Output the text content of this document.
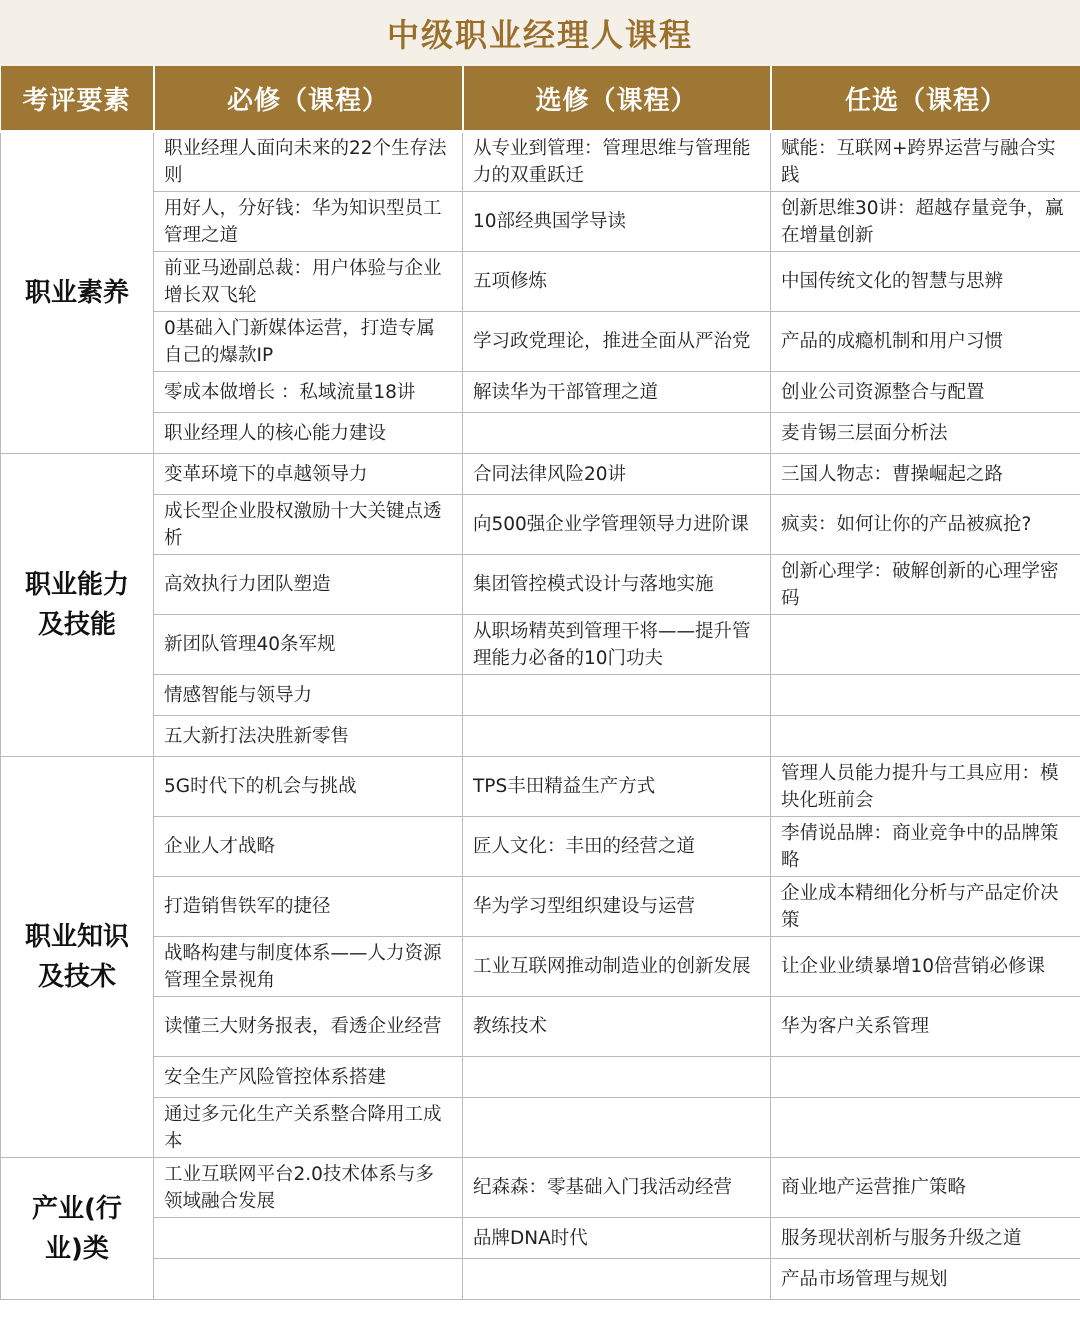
中级职业经理人课程
考评要素	必修（课程）	选修（课程）	任选（课程）
职业素养	职业经理人面向未来的22个生存法则	从专业到管理：管理思维与管理能力的双重跃迁	赋能：互联网+跨界运营与融合实践
	用好人，分好钱：华为知识型员工管理之道	10部经典国学导读	创新思维30讲：超越存量竞争，赢在增量创新
	前亚马逊副总裁：用户体验与企业增长双飞轮	五项修炼	中国传统文化的智慧与思辨
	0基础入门新媒体运营，打造专属自己的爆款IP	学习政党理论，推进全面从严治党	产品的成瘾机制和用户习惯
	零成本做增长 ：私域流量18讲	解读华为干部管理之道	创业公司资源整合与配置
	职业经理人的核心能力建设		麦肯锡三层面分析法
职业能力及技能	变革环境下的卓越领导力	合同法律风险20讲	三国人物志：曹操崛起之路
	成长型企业股权激励十大关键点透析	向500强企业学管理领导力进阶课	疯卖：如何让你的产品被疯抢?
	高效执行力团队塑造	集团管控模式设计与落地实施	创新心理学：破解创新的心理学密码
	新团队管理40条军规	从职场精英到管理干将——提升管理能力必备的10门功夫	
	情感智能与领导力		
	五大新打法决胜新零售		
职业知识及技术	5G时代下的机会与挑战	TPS丰田精益生产方式	管理人员能力提升与工具应用：模块化班前会
	企业人才战略	匠人文化：丰田的经营之道	李倩说品牌：商业竞争中的品牌策略
	打造销售铁军的捷径	华为学习型组织建设与运营	企业成本精细化分析与产品定价决策
	战略构建与制度体系——人力资源管理全景视角	工业互联网推动制造业的创新发展	让企业业绩暴增10倍营销必修课
	读懂三大财务报表，看透企业经营	教练技术	华为客户关系管理
	安全生产风险管控体系搭建		
	通过多元化生产关系整合降用工成本		
产业(行业)类	工业互联网平台2.0技术体系与多领域融合发展	纪森森：零基础入门我活动经营	商业地产运营推广策略
		品牌DNA时代	服务现状剖析与服务升级之道
			产品市场管理与规划
